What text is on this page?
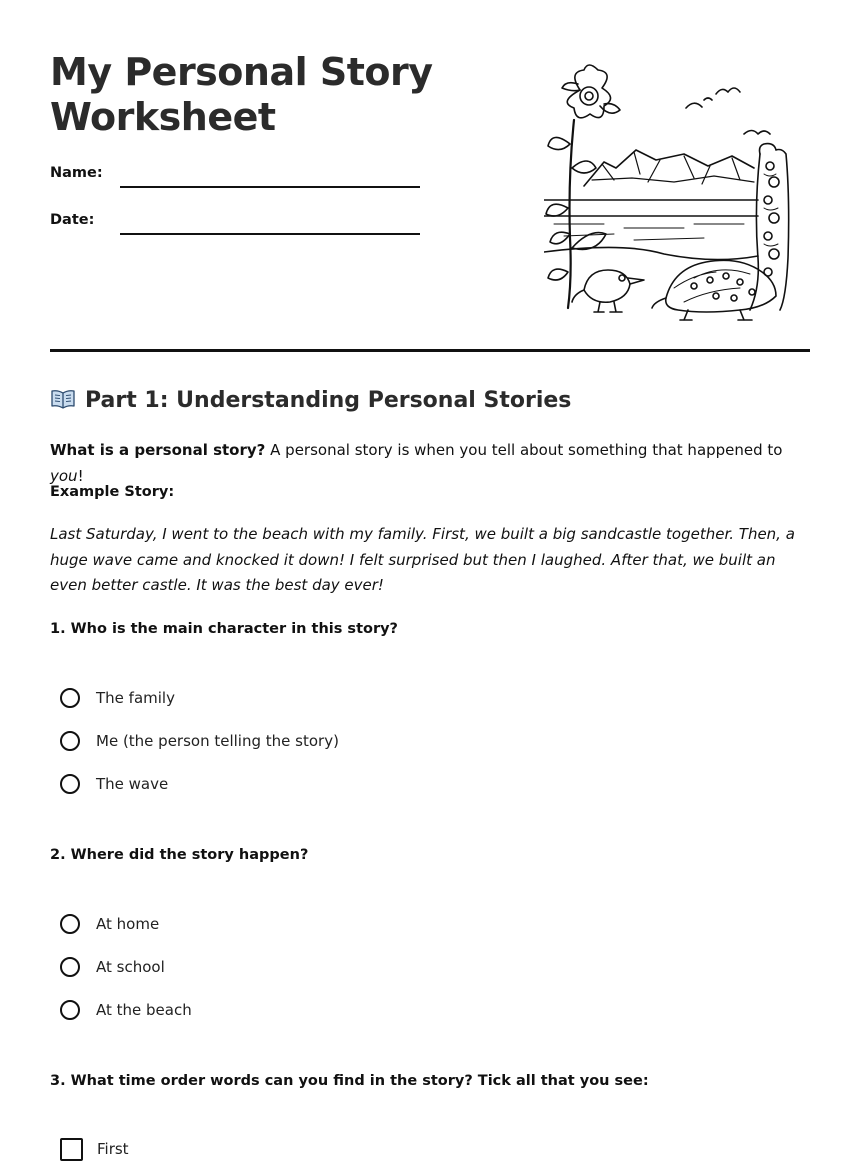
My Personal Story
Worksheet
Name:
Date:
Part 1: Understanding Personal Stories

What is a personal story? A personal story is when you tell about something that happened to you!

Example Story:

Last Saturday, I went to the beach with my family. First, we built a big sandcastle together. Then, a huge wave came and knocked it down! I felt surprised but then I laughed. After that, we built an even better castle. It was the best day ever!

1. Who is the main character in this story?

The family
Me (the person telling the story)
The wave

2. Where did the story happen?

At home
At school
At the beach

3. What time order words can you find in the story? Tick all that you see:

First
